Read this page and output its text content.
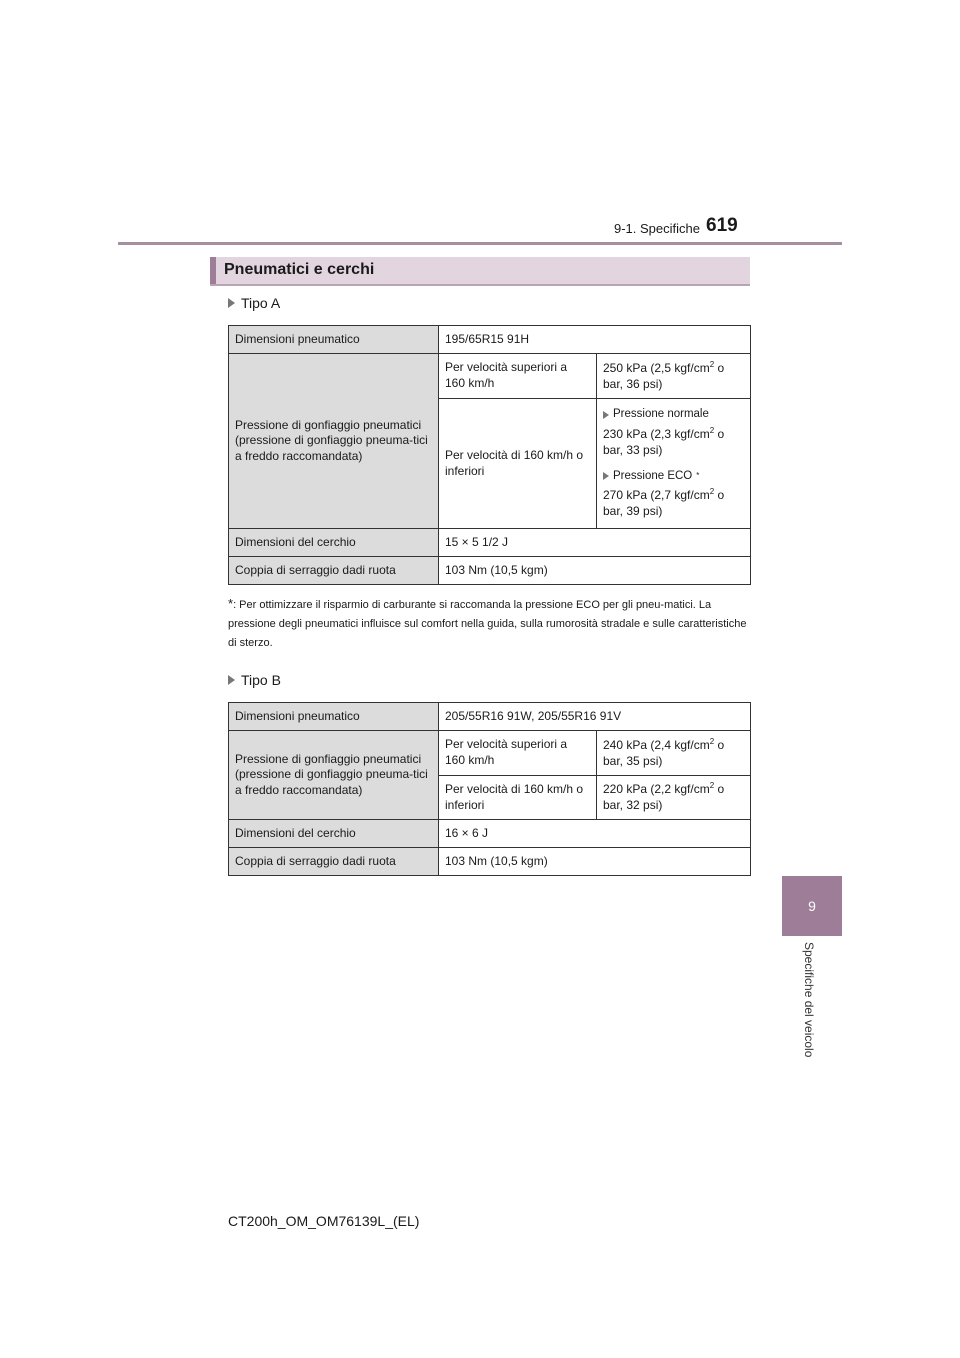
9-1. Specifiche 619
9
Specifiche del veicolo
Pneumatici e cerchi
Tipo A
Dimensioni pneumatico	195/65R15 91H	
Pressione di gonfiaggio pneumatici (pressione di gonfiaggio pneuma-tici a freddo raccomandata)	Per velocità superiori a 160 km/h	250 kPa (2,5 kgf/$cm^2$ o bar, 36 psi)
	Per velocità di 160 km/h o inferiori	Pressione normale
230 kPa (2,3 kgf/$cm^2$ o bar, 33 psi)
Pressione ECO *
270 kPa (2,7 kgf/$cm^2$ o bar, 39 psi)

Dimensioni del cerchio	15 × 5 1/2 J	
Coppia di serraggio dadi ruota	103 Nm (10,5 kgm)	
*: Per ottimizzare il risparmio di carburante si raccomanda la pressione ECO per gli pneu-matici. La pressione degli pneumatici influisce sul comfort nella guida, sulla rumorosità stradale e sulle caratteristiche di sterzo.
Tipo B
Dimensioni pneumatico	205/55R16 91W, 205/55R16 91V	
Pressione di gonfiaggio pneumatici (pressione di gonfiaggio pneuma-tici a freddo raccomandata)	Per velocità superiori a 160 km/h	240 kPa (2,4 kgf/$cm^2$ o bar, 35 psi)
	Per velocità di 160 km/h o inferiori	220 kPa (2,2 kgf/$cm^2$ o bar, 32 psi)
Dimensioni del cerchio	16 × 6 J	
Coppia di serraggio dadi ruota	103 Nm (10,5 kgm)	
CT200h_OM_OM76139L_(EL)
